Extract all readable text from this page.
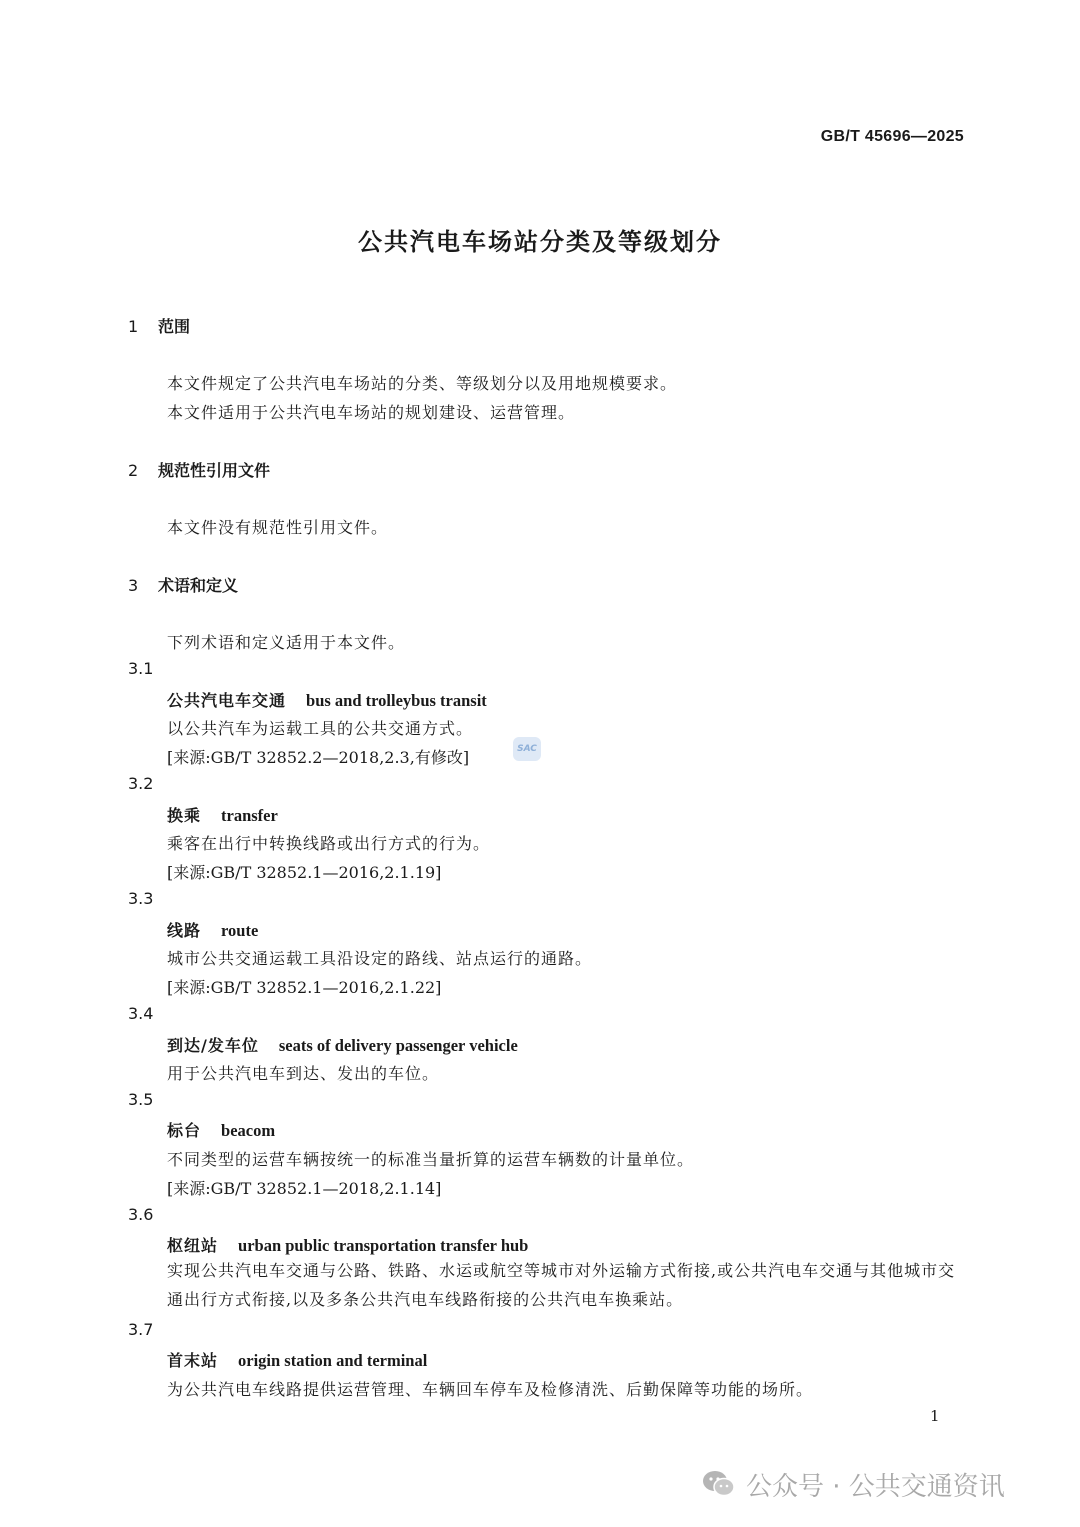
GB/T 45696—2025
公共汽电车场站分类及等级划分
1 范围
本文件规定了公共汽电车场站的分类、等级划分以及用地规模要求。
本文件适用于公共汽电车场站的规划建设、运营管理。
2 规范性引用文件
本文件没有规范性引用文件。
3 术语和定义
下列术语和定义适用于本文件。
3.1
公共汽电车交通 bus and trolleybus transit
以公共汽车为运载工具的公共交通方式。
[来源:GB/T 32852.2—2018,2.3,有修改]	SAC
3.2
换乘 transfer
乘客在出行中转换线路或出行方式的行为。
[来源:GB/T 32852.1—2016,2.1.19]
3.3
线路 route
城市公共交通运载工具沿设定的路线、站点运行的通路。
[来源:GB/T 32852.1—2016,2.1.22]
3.4
到达/发车位 seats of delivery passenger vehicle
用于公共汽电车到达、发出的车位。
3.5
标台 beacom
不同类型的运营车辆按统一的标准当量折算的运营车辆数的计量单位。
[来源:GB/T 32852.1—2018,2.1.14]
3.6
枢纽站 urban public transportation transfer hub
实现公共汽电车交通与公路、铁路、水运或航空等城市对外运输方式衔接,或公共汽电车交通与其他城市交通出行方式衔接,以及多条公共汽电车线路衔接的公共汽电车换乘站。
3.7
首末站 origin station and terminal
为公共汽电车线路提供运营管理、车辆回车停车及检修清洗、后勤保障等功能的场所。
1
公众号 · 公共交通资讯
